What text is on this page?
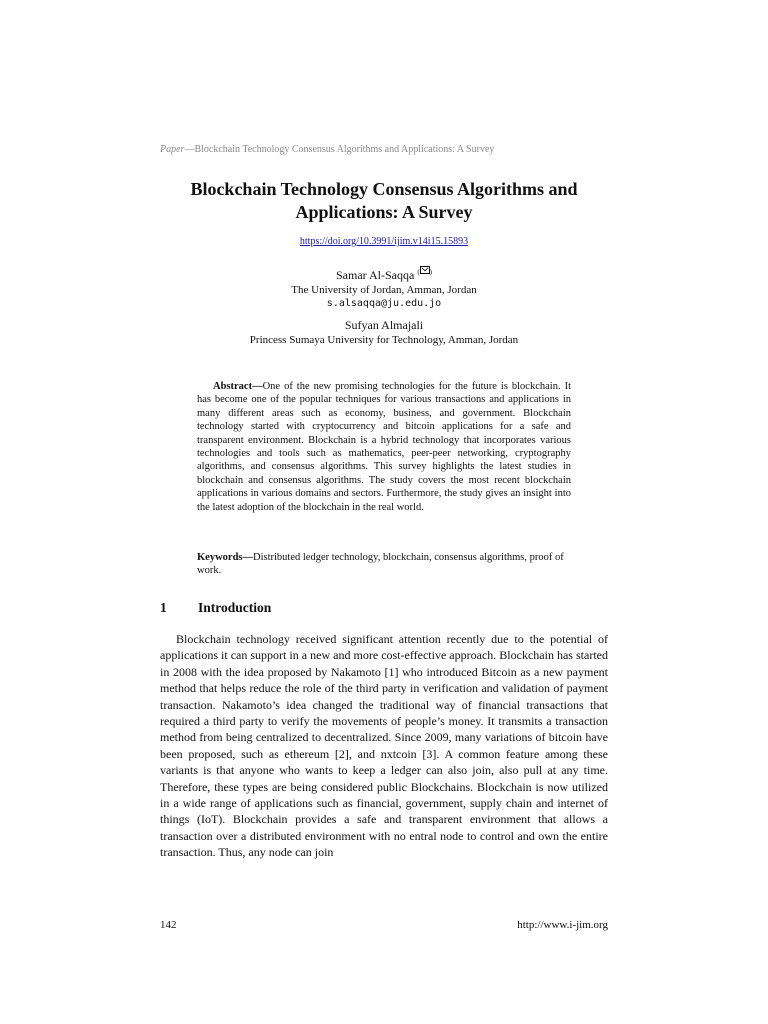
Paper—Blockchain Technology Consensus Algorithms and Applications: A Survey
Blockchain Technology Consensus Algorithms and
Applications: A Survey
https://doi.org/10.3991/ijim.v14i15.15893
Samar Al-Saqqa ( )
The University of Jordan, Amman, Jordan
s.alsaqqa@ju.edu.jo
Sufyan Almajali
Princess Sumaya University for Technology, Amman, Jordan

Abstract—One of the new promising technologies for the future is blockchain. It has become one of the popular techniques for various transactions and applications in many different areas such as economy, business, and government. Blockchain technology started with cryptocurrency and bitcoin applications for a safe and transparent environment. Blockchain is a hybrid technology that incorporates various technologies and tools such as mathematics, peer-peer networking, cryptography algorithms, and consensus algorithms. This survey highlights the latest studies in blockchain and consensus algorithms. The study covers the most recent blockchain applications in various domains and sectors. Furthermore, the study gives an insight into the latest adoption of the blockchain in the real world.

Keywords—Distributed ledger technology, blockchain, consensus algorithms, proof of work.

1 Introduction

Blockchain technology received significant attention recently due to the potential of applications it can support in a new and more cost-effective approach. Blockchain has started in 2008 with the idea proposed by Nakamoto [1] who introduced Bitcoin as a new payment method that helps reduce the role of the third party in verification and validation of payment transaction. Nakamoto’s idea changed the traditional way of financial transactions that required a third party to verify the movements of people’s money. It transmits a transaction method from being centralized to decentralized. Since 2009, many variations of bitcoin have been proposed, such as ethereum [2], and nxtcoin [3]. A common feature among these variants is that anyone who wants to keep a ledger can also join, also pull at any time. Therefore, these types are being considered public Blockchains. Blockchain is now utilized in a wide range of applications such as financial, government, supply chain and internet of things (IoT). Blockchain provides a safe and transparent environment that allows a transaction over a distributed environment with no entral node to control and own the entire transaction. Thus, any node can join

142	http://www.i-jim.org
